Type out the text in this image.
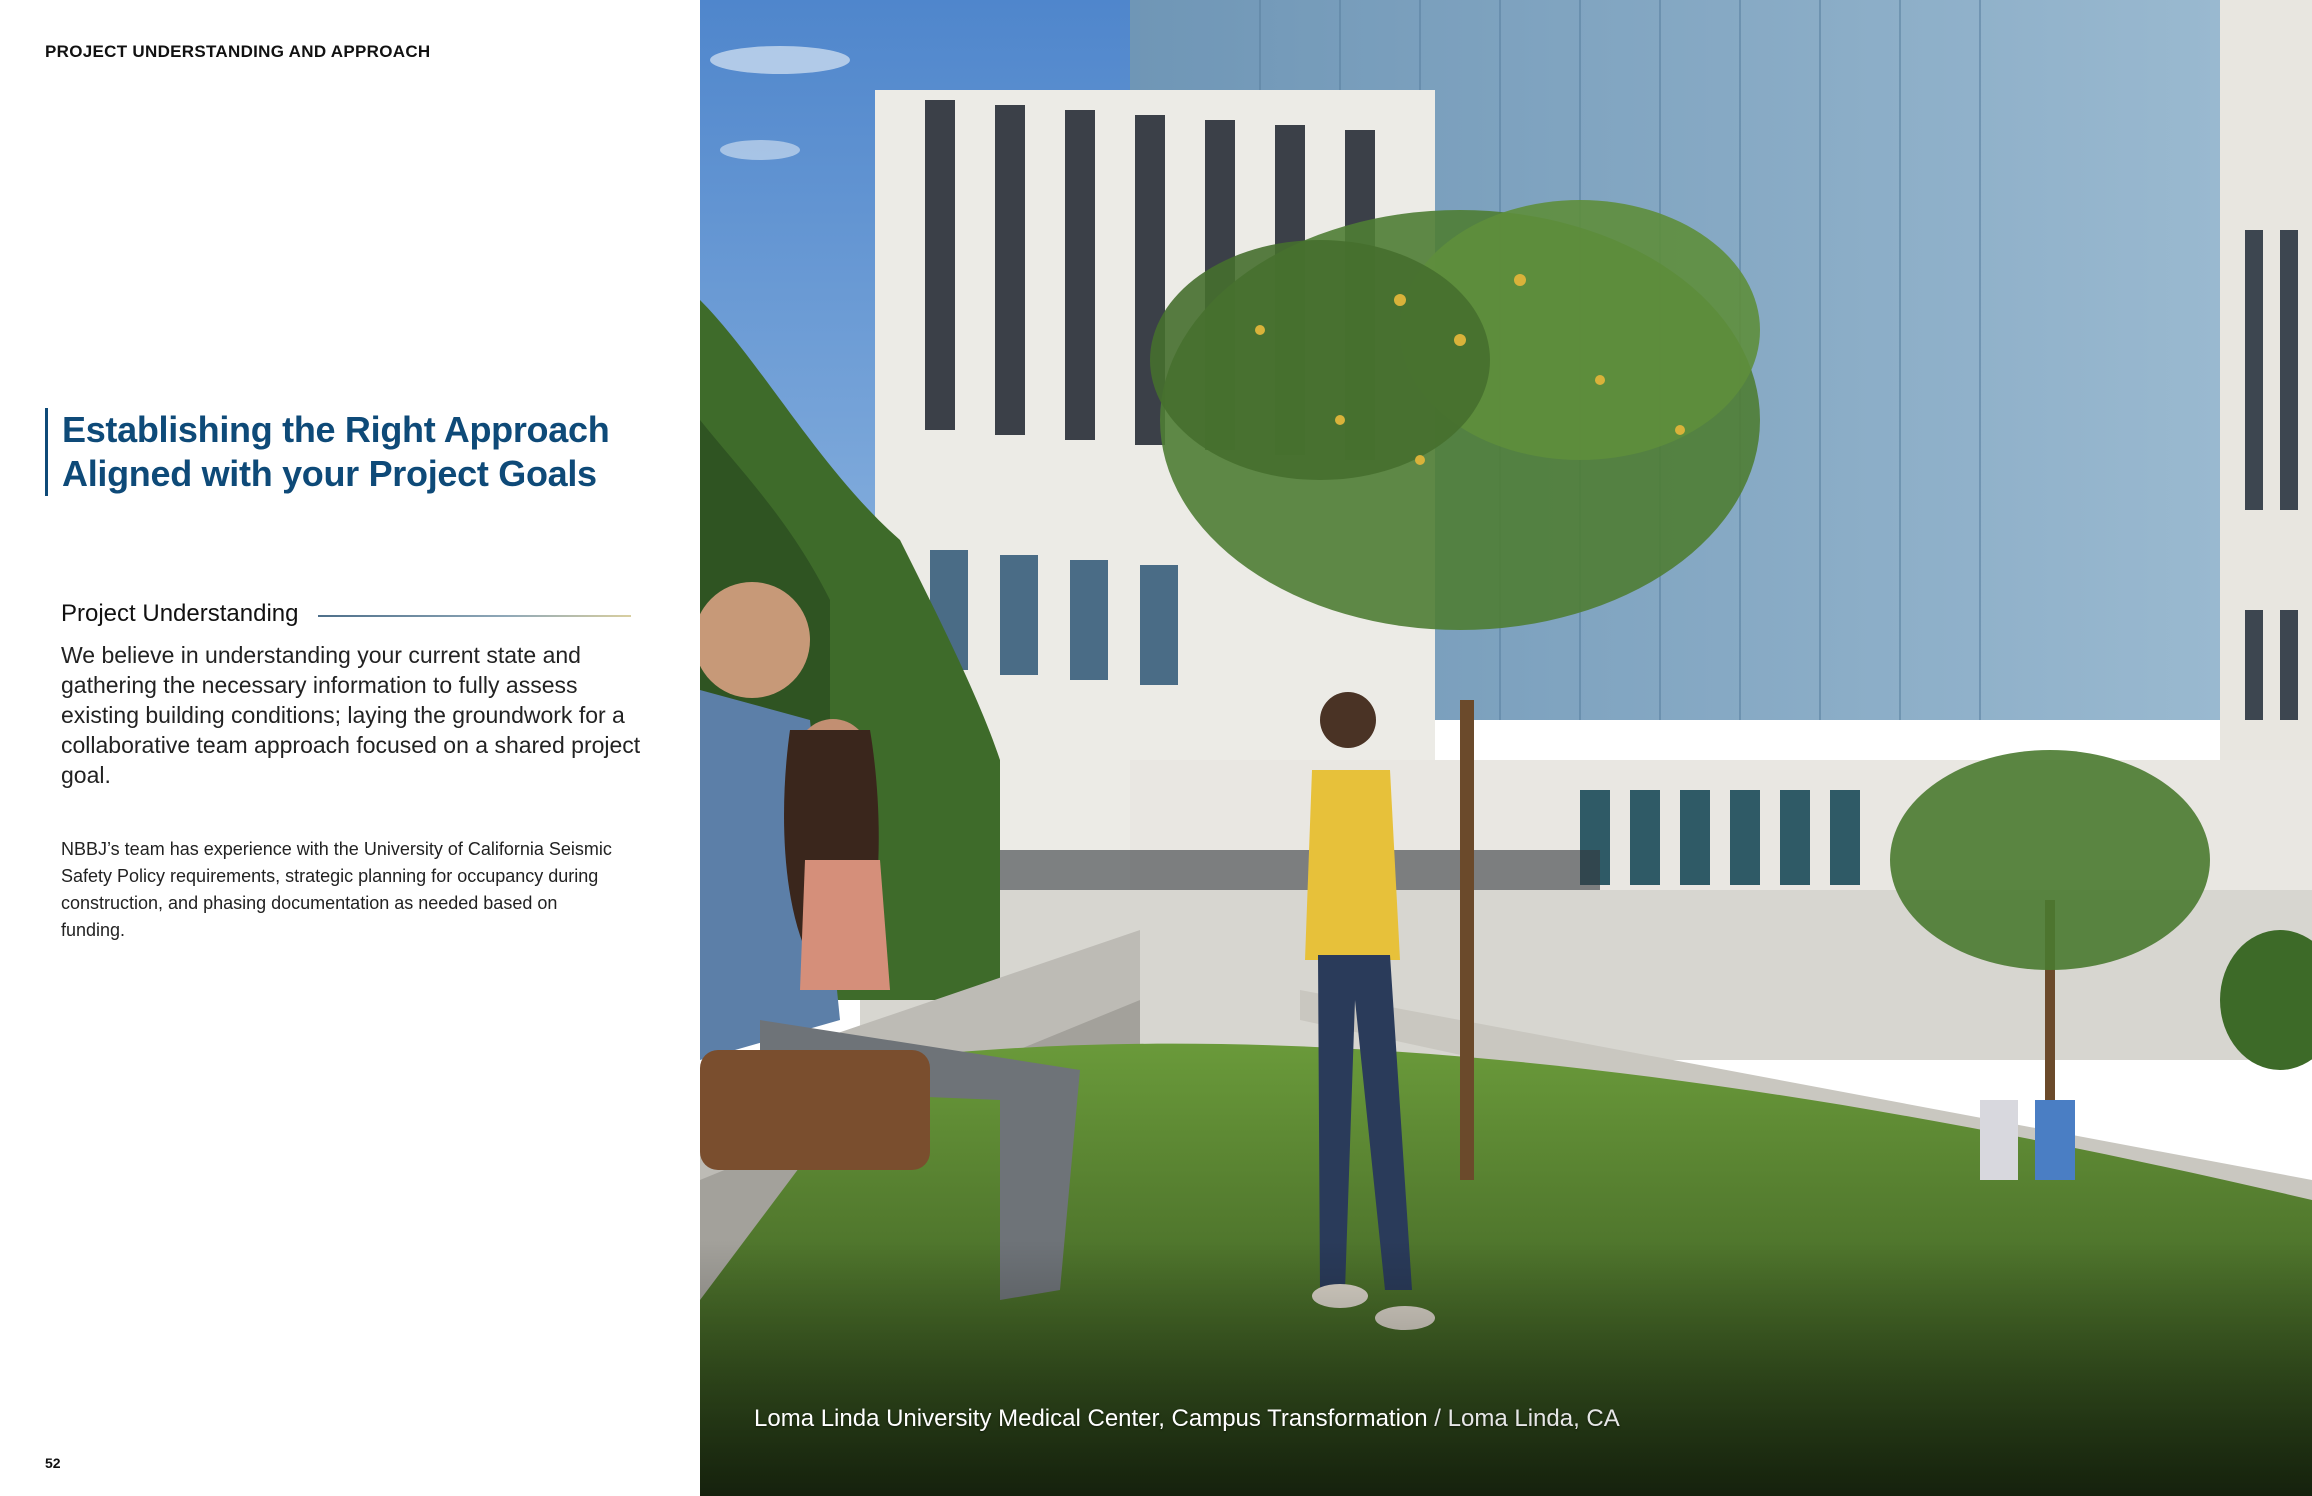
PROJECT UNDERSTANDING AND APPROACH
Establishing the Right Approach
Aligned with your Project Goals
Project Understanding
We believe in understanding your current state and gathering the necessary information to fully assess existing building conditions; laying the groundwork for a collaborative team approach focused on a shared project goal.
NBBJ’s team has experience with the University of California Seismic Safety Policy requirements, strategic planning for occupancy during construction, and phasing documentation as needed based on funding.
52
Loma Linda University Medical Center, Campus Transformation / Loma Linda, CA
